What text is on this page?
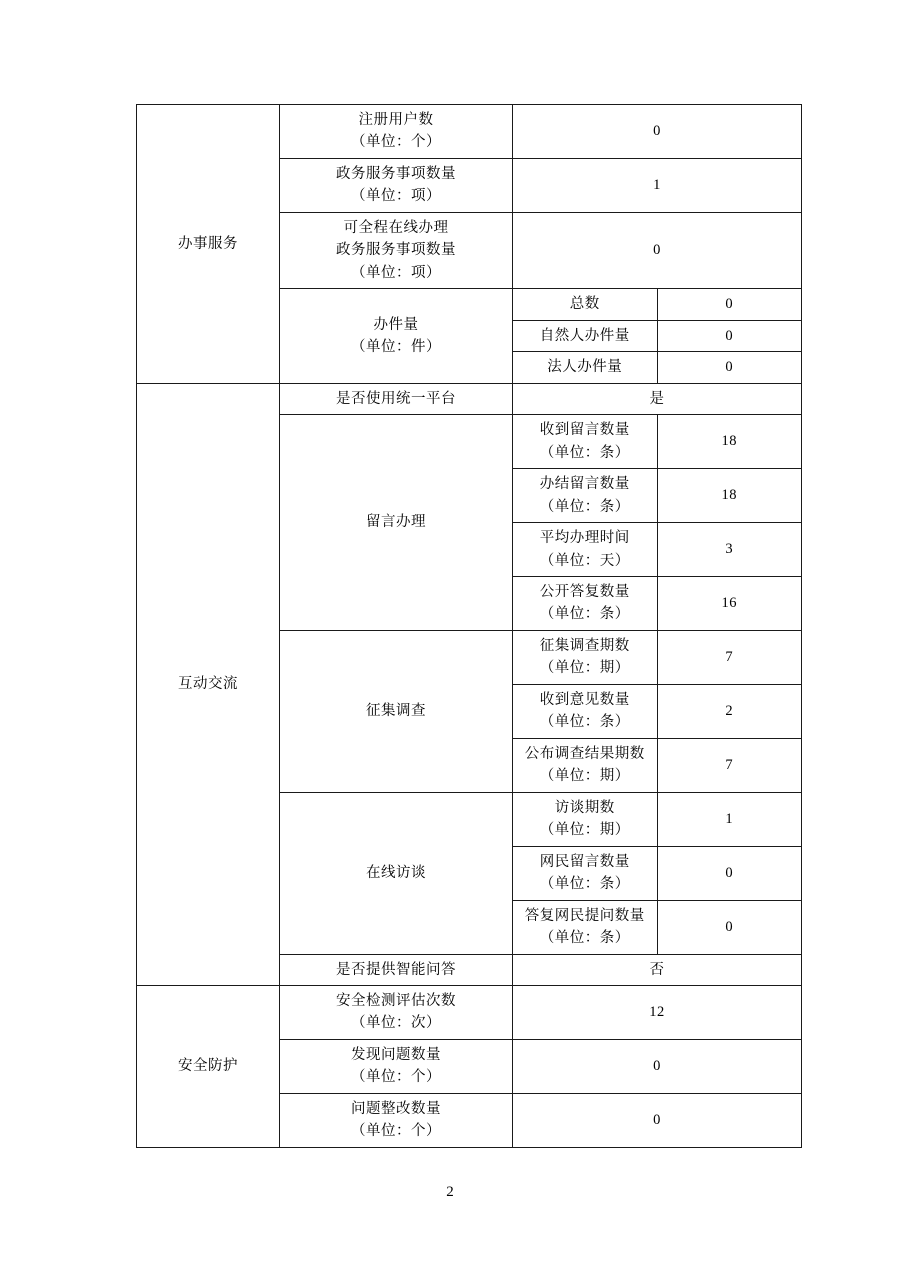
办事服务	注册用户数
（单位：个）	0	

	政务服务事项数量
（单位：项）	1	

	可全程在线办理
政务服务事项数量
（单位：项）	0	

	办件量
（单位：件）	总数	0

		自然人办件量	0

		法人办件量	0

互动交流	是否使用统一平台	是	

	留言办理	收到留言数量
（单位：条）	18

		办结留言数量
（单位：条）	18

		平均办理时间
（单位：天）	3

		公开答复数量
（单位：条）	16

	征集调查	征集调查期数
（单位：期）	7

		收到意见数量
（单位：条）	2

		公布调查结果期数
（单位：期）	7

	在线访谈	访谈期数
（单位：期）	1

		网民留言数量
（单位：条）	0

		答复网民提问数量
（单位：条）	0

	是否提供智能问答	否	

安全防护	安全检测评估次数
（单位：次）	12	

	发现问题数量
（单位：个）	0	

	问题整改数量
（单位：个）	0	
2
